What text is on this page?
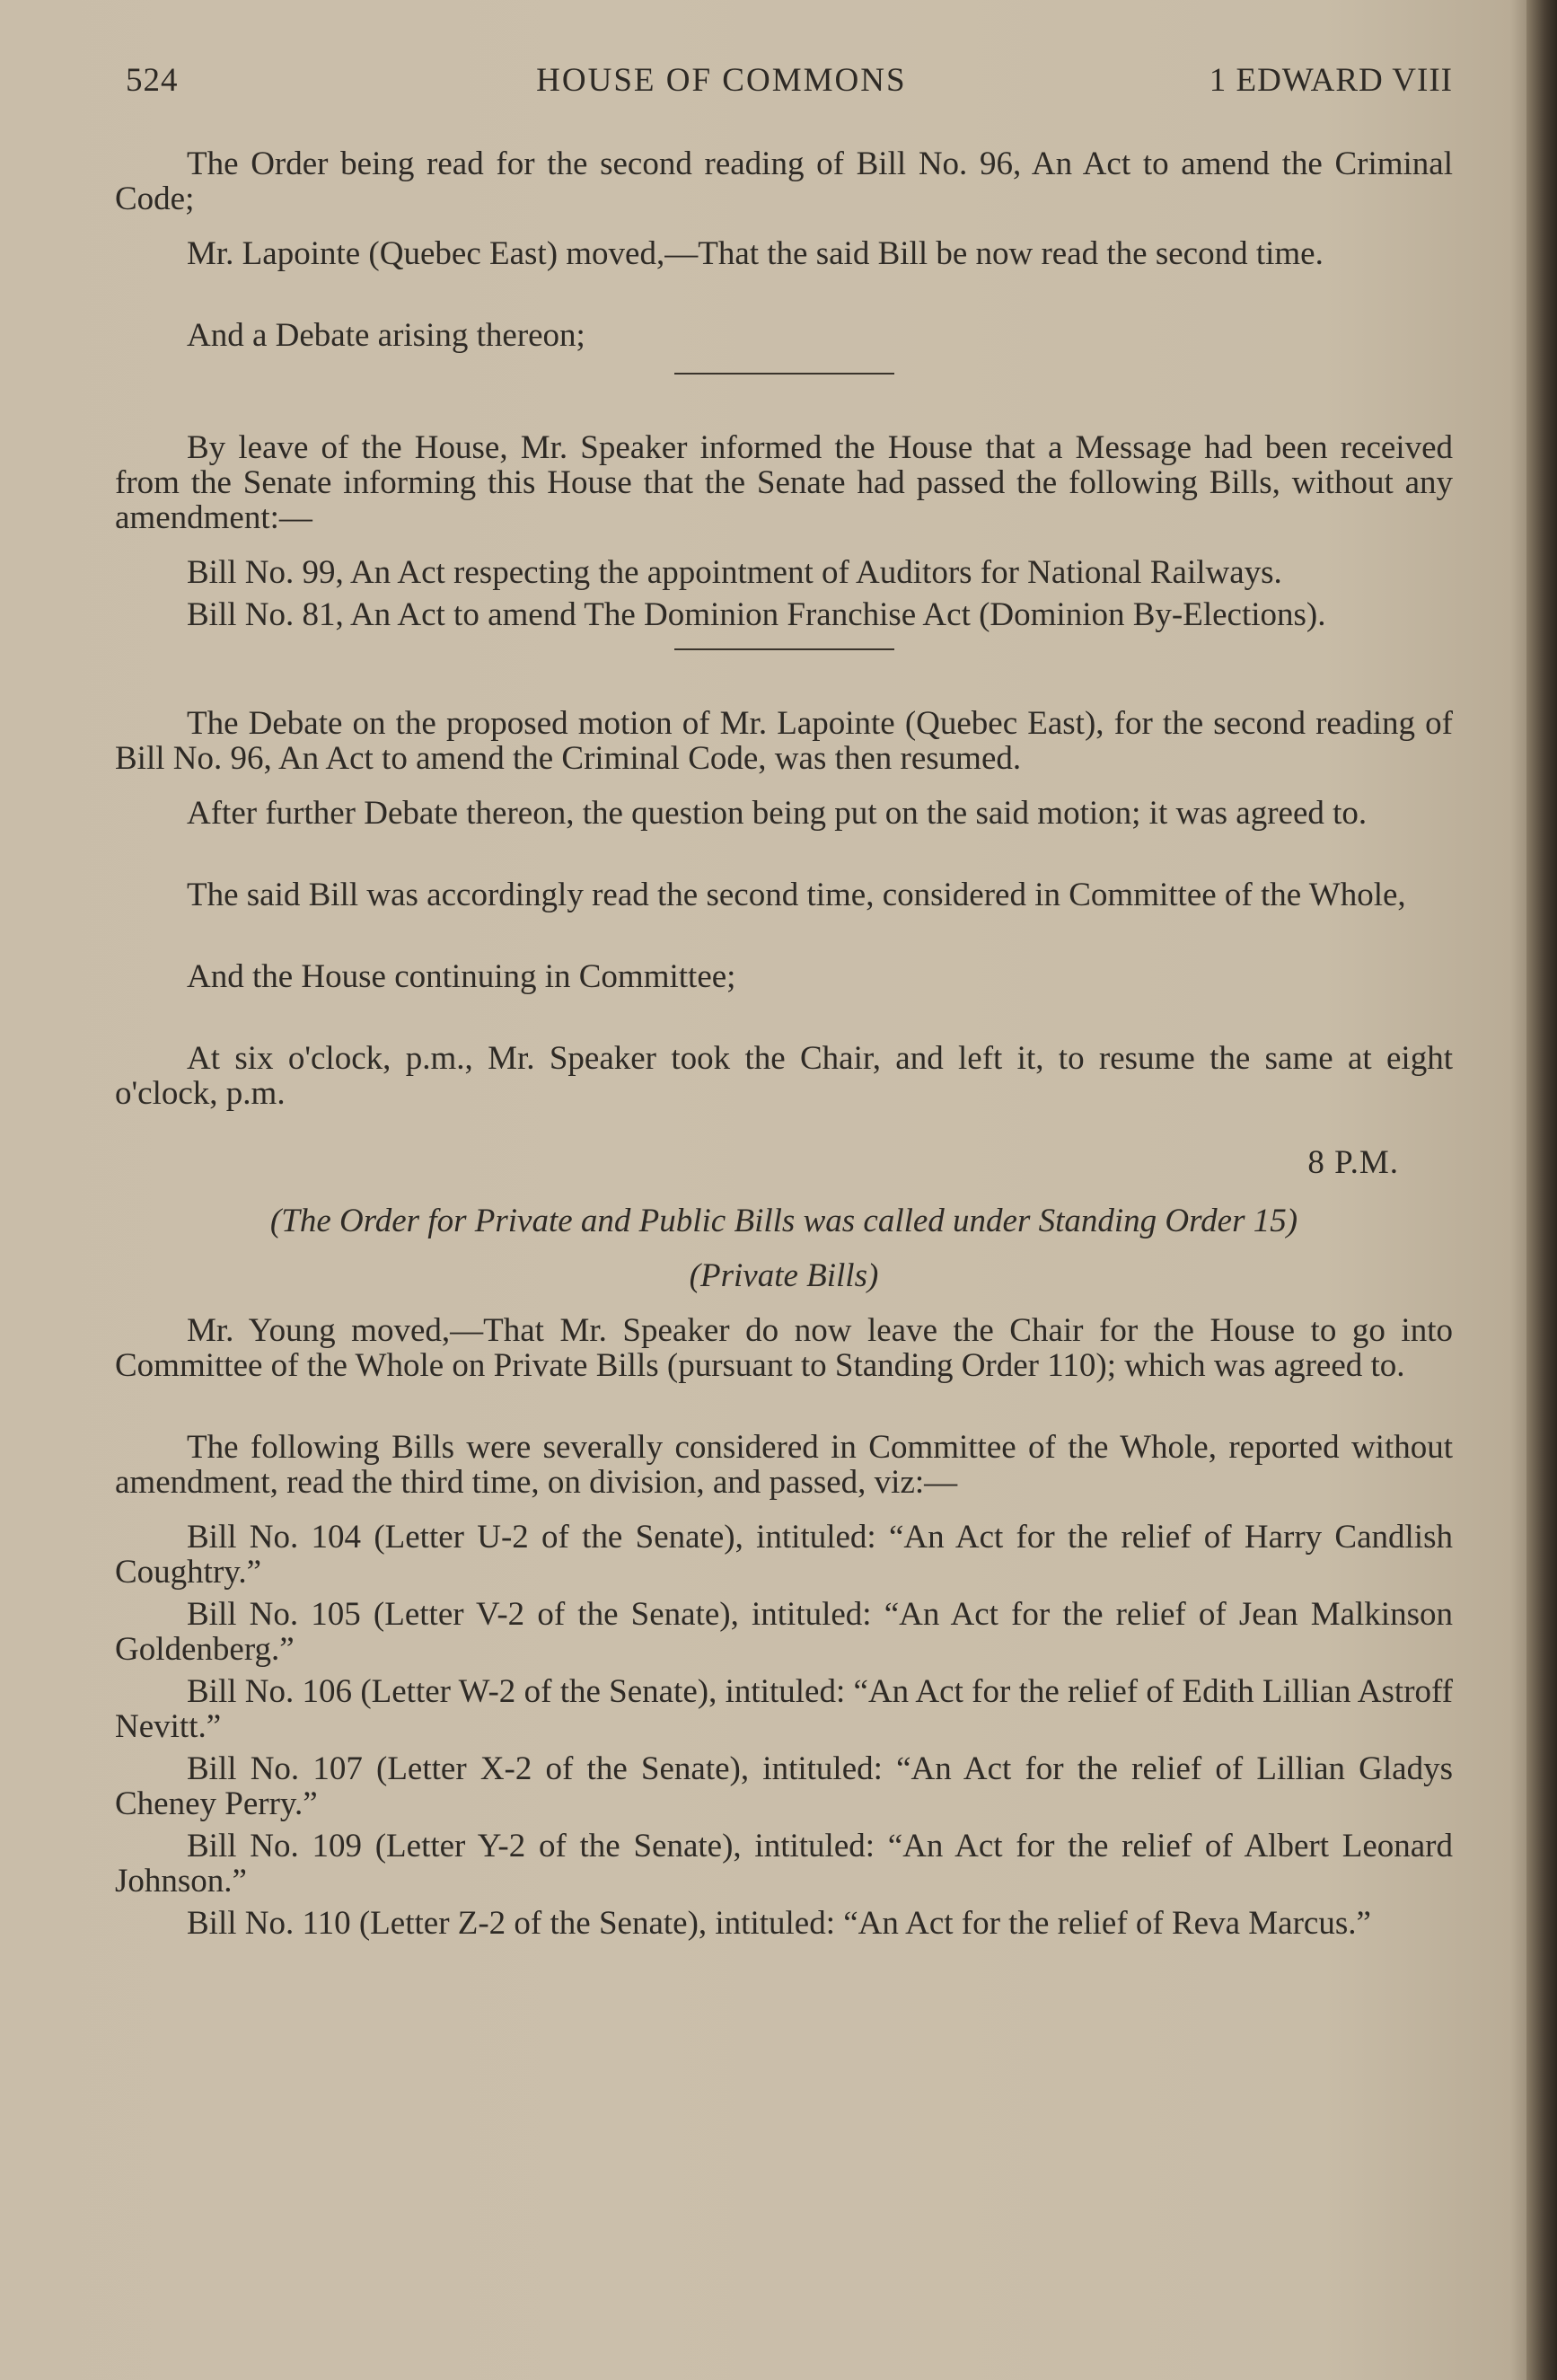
524	HOUSE OF COMMONS	1 EDWARD VIII

The Order being read for the second reading of Bill No. 96, An Act to amend the Criminal Code;

Mr. Lapointe (Quebec East) moved,—That the said Bill be now read the second time.

And a Debate arising thereon;

By leave of the House, Mr. Speaker informed the House that a Message had been received from the Senate informing this House that the Senate had passed the following Bills, without any amendment:—

Bill No. 99, An Act respecting the appointment of Auditors for National Railways.

Bill No. 81, An Act to amend The Dominion Franchise Act (Dominion By-Elections).

The Debate on the proposed motion of Mr. Lapointe (Quebec East), for the second reading of Bill No. 96, An Act to amend the Criminal Code, was then resumed.

After further Debate thereon, the question being put on the said motion; it was agreed to.

The said Bill was accordingly read the second time, considered in Committee of the Whole,

And the House continuing in Committee;

At six o'clock, p.m., Mr. Speaker took the Chair, and left it, to resume the same at eight o'clock, p.m.

8 P.M.

(The Order for Private and Public Bills was called under Standing Order 15)

(Private Bills)

Mr. Young moved,—That Mr. Speaker do now leave the Chair for the House to go into Committee of the Whole on Private Bills (pursuant to Standing Order 110); which was agreed to.

The following Bills were severally considered in Committee of the Whole, reported without amendment, read the third time, on division, and passed, viz:—

Bill No. 104 (Letter U-2 of the Senate), intituled: “An Act for the relief of Harry Candlish Coughtry.”

Bill No. 105 (Letter V-2 of the Senate), intituled: “An Act for the relief of Jean Malkinson Goldenberg.”

Bill No. 106 (Letter W-2 of the Senate), intituled: “An Act for the relief of Edith Lillian Astroff Nevitt.”

Bill No. 107 (Letter X-2 of the Senate), intituled: “An Act for the relief of Lillian Gladys Cheney Perry.”

Bill No. 109 (Letter Y-2 of the Senate), intituled: “An Act for the relief of Albert Leonard Johnson.”

Bill No. 110 (Letter Z-2 of the Senate), intituled: “An Act for the relief of Reva Marcus.”
